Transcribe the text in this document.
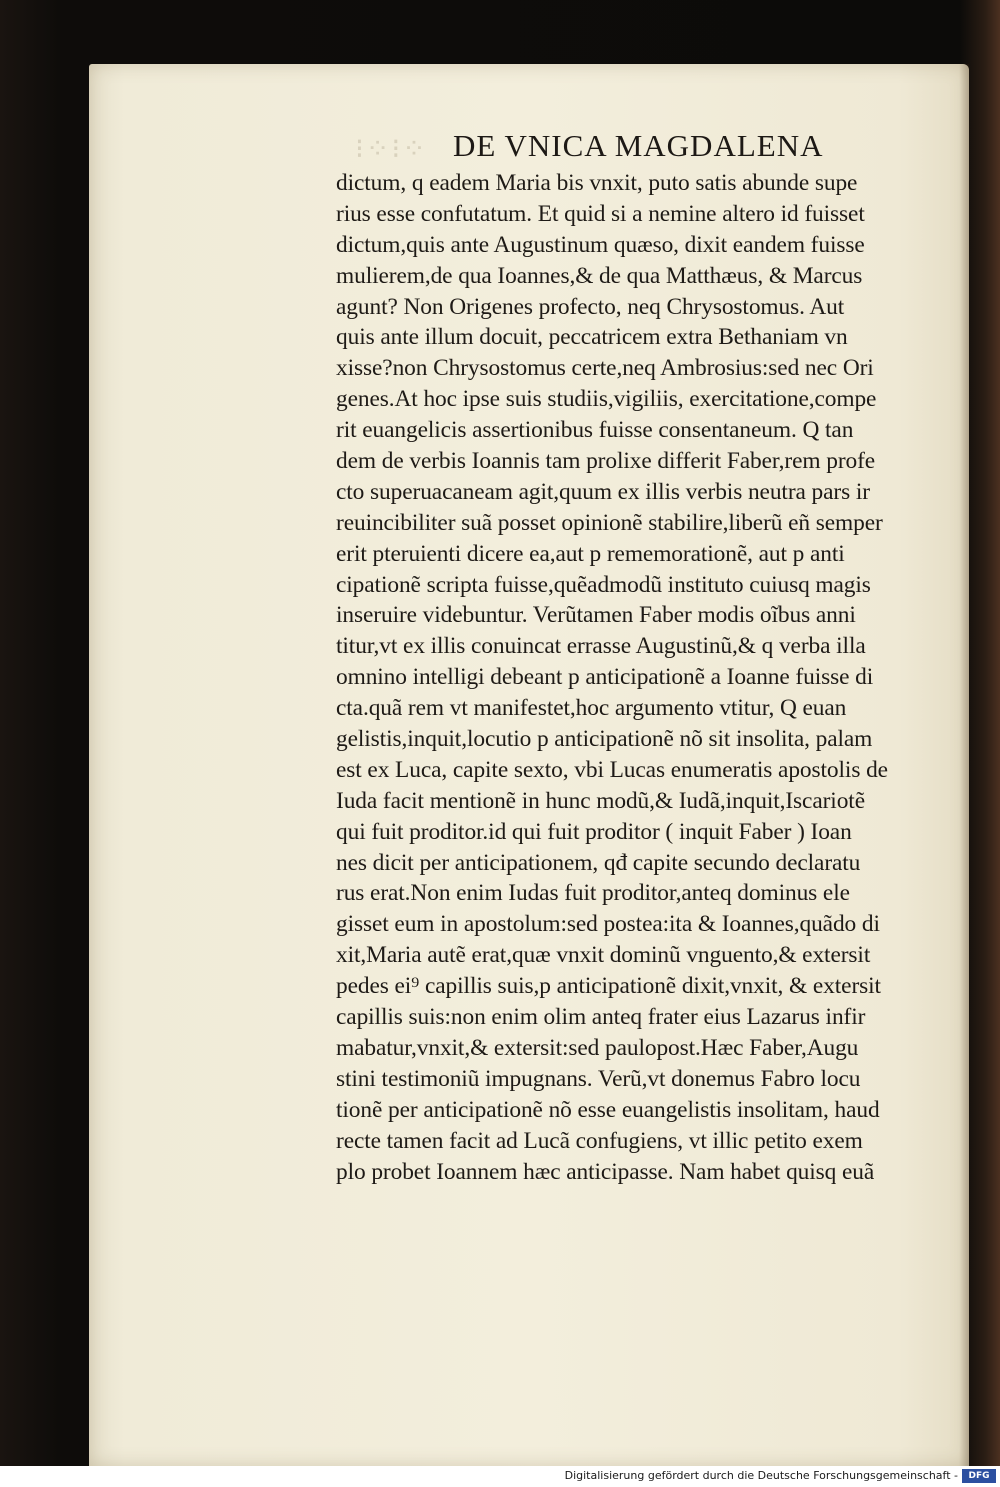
⁝⁘⁝⁘ DE VNICA MAGDALENA
dictum, q eadem Maria bis vnxit, puto satis abunde supe
rius esse confutatum. Et quid si a nemine altero id fuisset
dictum,quis ante Augustinum quæso, dixit eandem fuisse
mulierem,de qua Ioannes,& de qua Matthæus, & Marcus
agunt? Non Origenes profecto, neq Chrysostomus. Aut
quis ante illum docuit, peccatricem extra Bethaniam vn
xisse?non Chrysostomus certe,neq Ambrosius:sed nec Ori
genes.At hoc ipse suis studiis,vigiliis, exercitatione,compe
rit euangelicis assertionibus fuisse consentaneum. Q tan
dem de verbis Ioannis tam prolixe differit Faber,rem profe
cto superuacaneam agit,quum ex illis verbis neutra pars ir
reuincibiliter suã posset opinionẽ stabilire,liberũ eñ semper
erit pteruienti dicere ea,aut p rememorationẽ, aut p anti
cipationẽ scripta fuisse,quẽadmodũ instituto cuiusq magis
inseruire videbuntur. Verũtamen Faber modis oĩbus anni
titur,vt ex illis conuincat errasse Augustinũ,& q verba illa
omnino intelligi debeant p anticipationẽ a Ioanne fuisse di
cta.quã rem vt manifestet,hoc argumento vtitur, Q euan
gelistis,inquit,locutio p anticipationẽ nõ sit insolita, palam
est ex Luca, capite sexto, vbi Lucas enumeratis apostolis de
Iuda facit mentionẽ in hunc modũ,& Iudã,inquit,Iscariotẽ
qui fuit proditor.id qui fuit proditor ( inquit Faber ) Ioan
nes dicit per anticipationem, qđ capite secundo declaratu
rus erat.Non enim Iudas fuit proditor,anteq dominus ele
gisset eum in apostolum:sed postea:ita & Ioannes,quãdo di
xit,Maria autẽ erat,quæ vnxit dominũ vnguento,& extersit
pedes ei⁹ capillis suis,p anticipationẽ dixit,vnxit, & extersit
capillis suis:non enim olim anteq frater eius Lazarus infir
mabatur,vnxit,& extersit:sed paulopost.Hæc Faber,Augu
stini testimoniũ impugnans. Verũ,vt donemus Fabro locu
tionẽ per anticipationẽ nõ esse euangelistis insolitam, haud
recte tamen facit ad Lucã confugiens, vt illic petito exem
plo probet Ioannem hæc anticipasse. Nam habet quisq euã
Digitalisierung gefördert durch die Deutsche Forschungsgemeinschaft -	DFG
